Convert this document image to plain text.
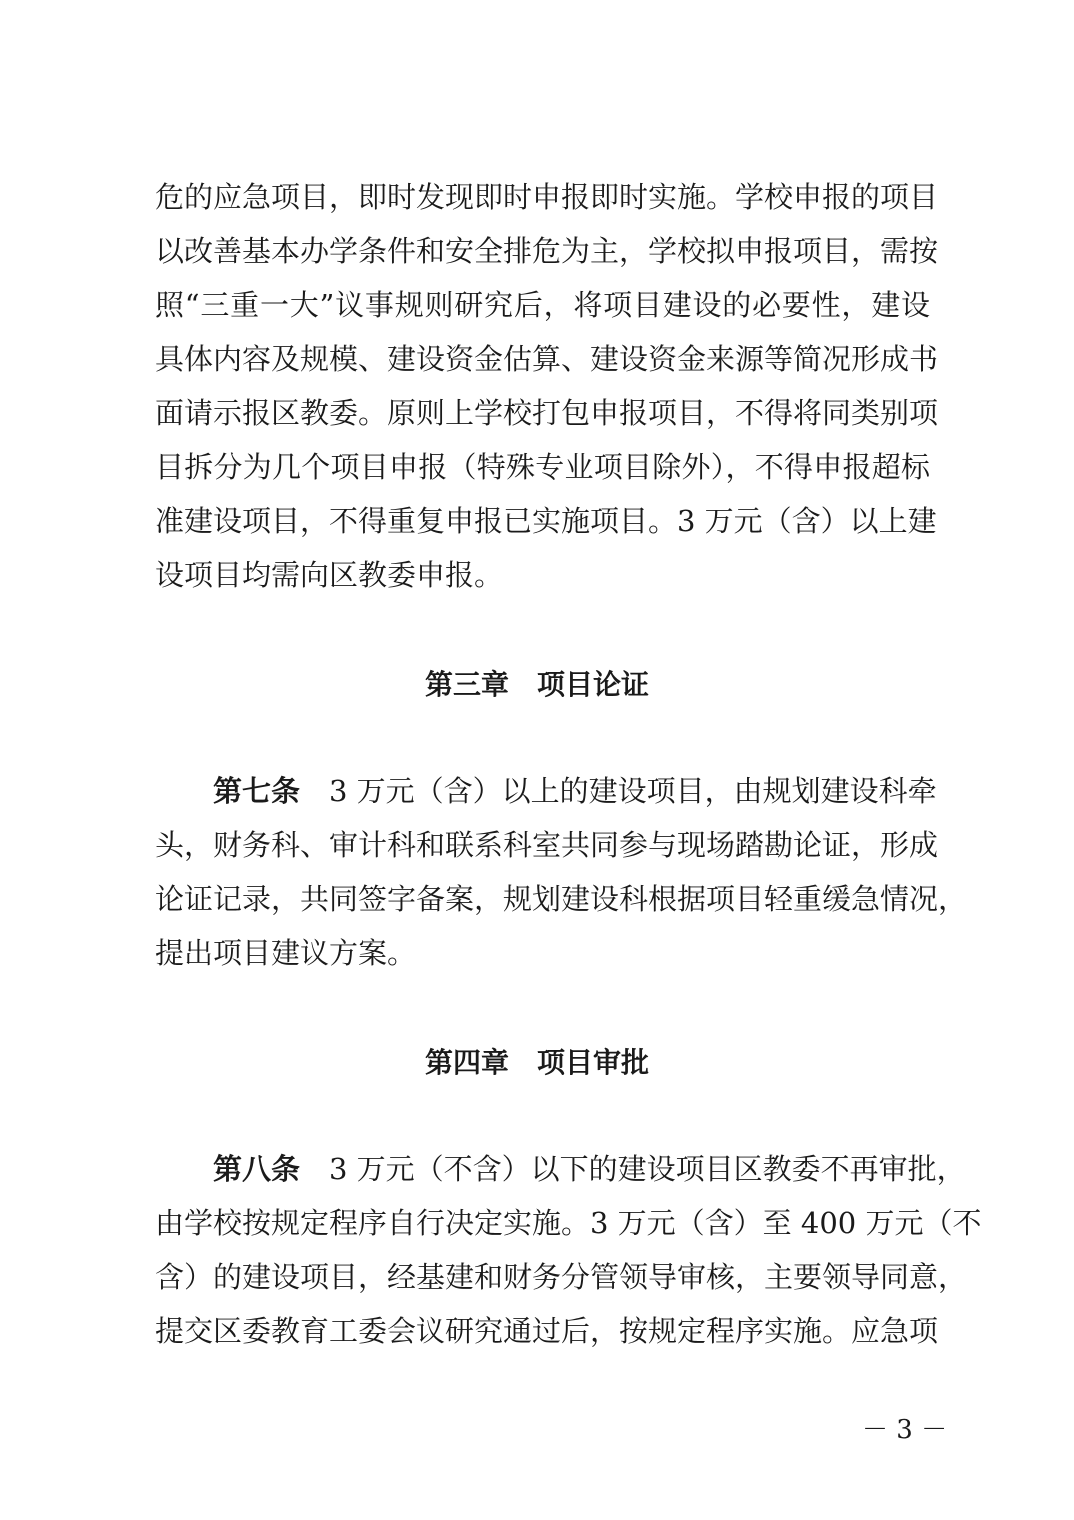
危的应急项目，即时发现即时申报即时实施。学校申报的项目
以改善基本办学条件和安全排危为主，学校拟申报项目，需按
照“三重一大”议事规则研究后，将项目建设的必要性，建设
具体内容及规模、建设资金估算、建设资金来源等简况形成书
面请示报区教委。原则上学校打包申报项目，不得将同类别项
目拆分为几个项目申报（特殊专业项目除外），不得申报超标
准建设项目，不得重复申报已实施项目。3 万元（含）以上建
设项目均需向区教委申报。
第三章　项目论证
第七条　3 万元（含）以上的建设项目，由规划建设科牵
头，财务科、审计科和联系科室共同参与现场踏勘论证，形成
论证记录，共同签字备案，规划建设科根据项目轻重缓急情况，
提出项目建议方案。
第四章　项目审批
第八条　3 万元（不含）以下的建设项目区教委不再审批，
由学校按规定程序自行决定实施。3 万元（含）至 400 万元（不
含）的建设项目，经基建和财务分管领导审核，主要领导同意，
提交区委教育工委会议研究通过后，按规定程序实施。应急项
－ 3 －
